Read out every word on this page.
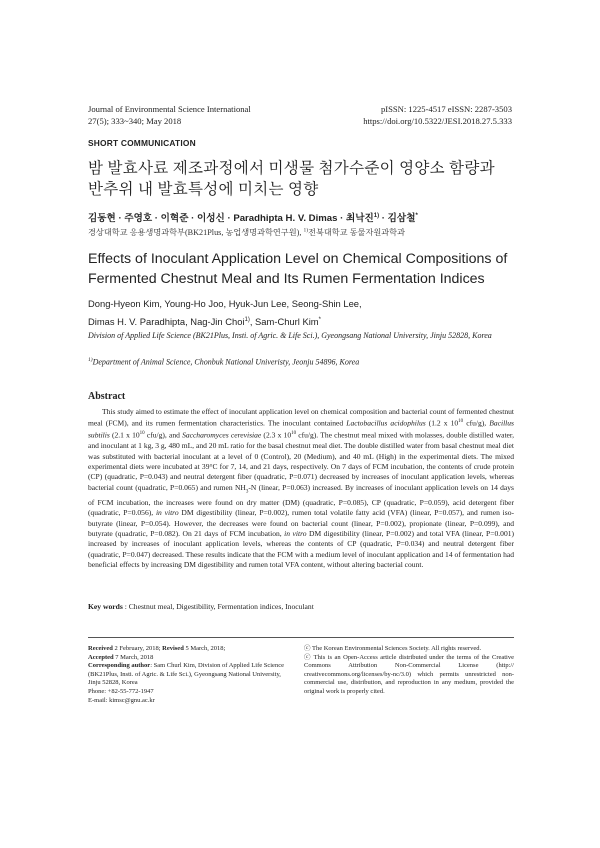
Journal of Environmental Science International
27(5); 333~340; May 2018
pISSN: 1225-4517 eISSN: 2287-3503
https://doi.org/10.5322/JESI.2018.27.5.333
SHORT COMMUNICATION
밤 발효사료 제조과정에서 미생물 첨가수준이 영양소 함량과
반추위 내 발효특성에 미치는 영향
김동현 · 주영호 · 이혁준 · 이성신 · Paradhipta H. V. Dimas · 최낙진$^{1)}$ · 김삼철*
경상대학교 응용생명과학부(BK21Plus, 농업생명과학연구원), $^{1)}$전북대학교 동물자원과학과
Effects of Inoculant Application Level on Chemical Compositions of Fermented Chestnut Meal and Its Rumen Fermentation Indices
Dong-Hyeon Kim, Young-Ho Joo, Hyuk-Jun Lee, Seong-Shin Lee,
Dimas H. V. Paradhipta, Nag-Jin Choi$^{1)}$, Sam-Churl Kim*
Division of Applied Life Science (BK21Plus, Insti. of Agric. & Life Sci.), Gyeongsang National University, Jinju 52828, Korea
$^{1)}$Department of Animal Science, Chonbuk National Univeristy, Jeonju 54896, Korea
Abstract
This study aimed to estimate the effect of inoculant application level on chemical composition and bacterial count of fermented chestnut meal (FCM), and its rumen fermentation characteristics. The inoculant contained Lactobacillus acidophilus (1.2 x $10^{10}$ cfu/g), Bacillus subtilis (2.1 x $10^{10}$ cfu/g), and Saccharomyces cerevisiae (2.3 x $10^{10}$ cfu/g). The chestnut meal mixed with molasses, double distilled water, and inoculant at 1 kg, 3 g, 480 mL, and 20 mL ratio for the basal chestnut meal diet. The double distilled water from basal chestnut meal diet was substituted with bacterial inoculant at a level of 0 (Control), 20 (Medium), and 40 mL (High) in the experimental diets. The mixed experimental diets were incubated at 39°C for 7, 14, and 21 days, respectively. On 7 days of FCM incubation, the contents of crude protein (CP) (quadratic, P=0.043) and neutral detergent fiber (quadratic, P=0.071) decreased by increases of inoculant application levels, whereas bacterial count (quadratic, P=0.065) and rumen $NH_3-N$ (linear, P=0.063) increased. By increases of inoculant application levels on 14 days of FCM incubation, the increases were found on dry matter (DM) (quadratic, P=0.085), CP (quadratic, P=0.059), acid detergent fiber (quadratic, P=0.056), in vitro DM digestibility (linear, P=0.002), rumen total volatile fatty acid (VFA) (linear, P=0.057), and rumen iso-butyrate (linear, P=0.054). However, the decreases were found on bacterial count (linear, P=0.002), propionate (linear, P=0.099), and butyrate (quadratic, P=0.082). On 21 days of FCM incubation, in vitro DM digestibility (linear, P=0.002) and total VFA (linear, P=0.001) increased by increases of inoculant application levels, whereas the contents of CP (quadratic, P=0.034) and neutral detergent fiber (quadratic, P=0.047) decreased. These results indicate that the FCM with a medium level of inoculant application and 14 of fermentation had beneficial effects by increasing DM digestibility and rumen total VFA content, without altering bacterial count.
Key words : Chestnut meal, Digestibility, Fermentation indices, Inoculant
Received 2 February, 2018; Revised 5 March, 2018;
Accepted 7 March, 2018
Corresponding author: Sam Churl Kim, Division of Applied Life Science (BK21Plus, Insti. of Agric. & Life Sci.), Gyeongsang National University, Jinju 52828, Korea
Phone: +82-55-772-1947
E-mail: kimsc@gnu.ac.kr
ⓒ The Korean Environmental Sciences Society. All rights reserved.
ⓒ This is an Open-Access article distributed under the terms of the Creative Commons Attribution Non-Commercial License (http:// creativecommons.org/licenses/by-nc/3.0) which permits unrestricted non-commercial use, distribution, and reproduction in any medium, provided the original work is properly cited.
